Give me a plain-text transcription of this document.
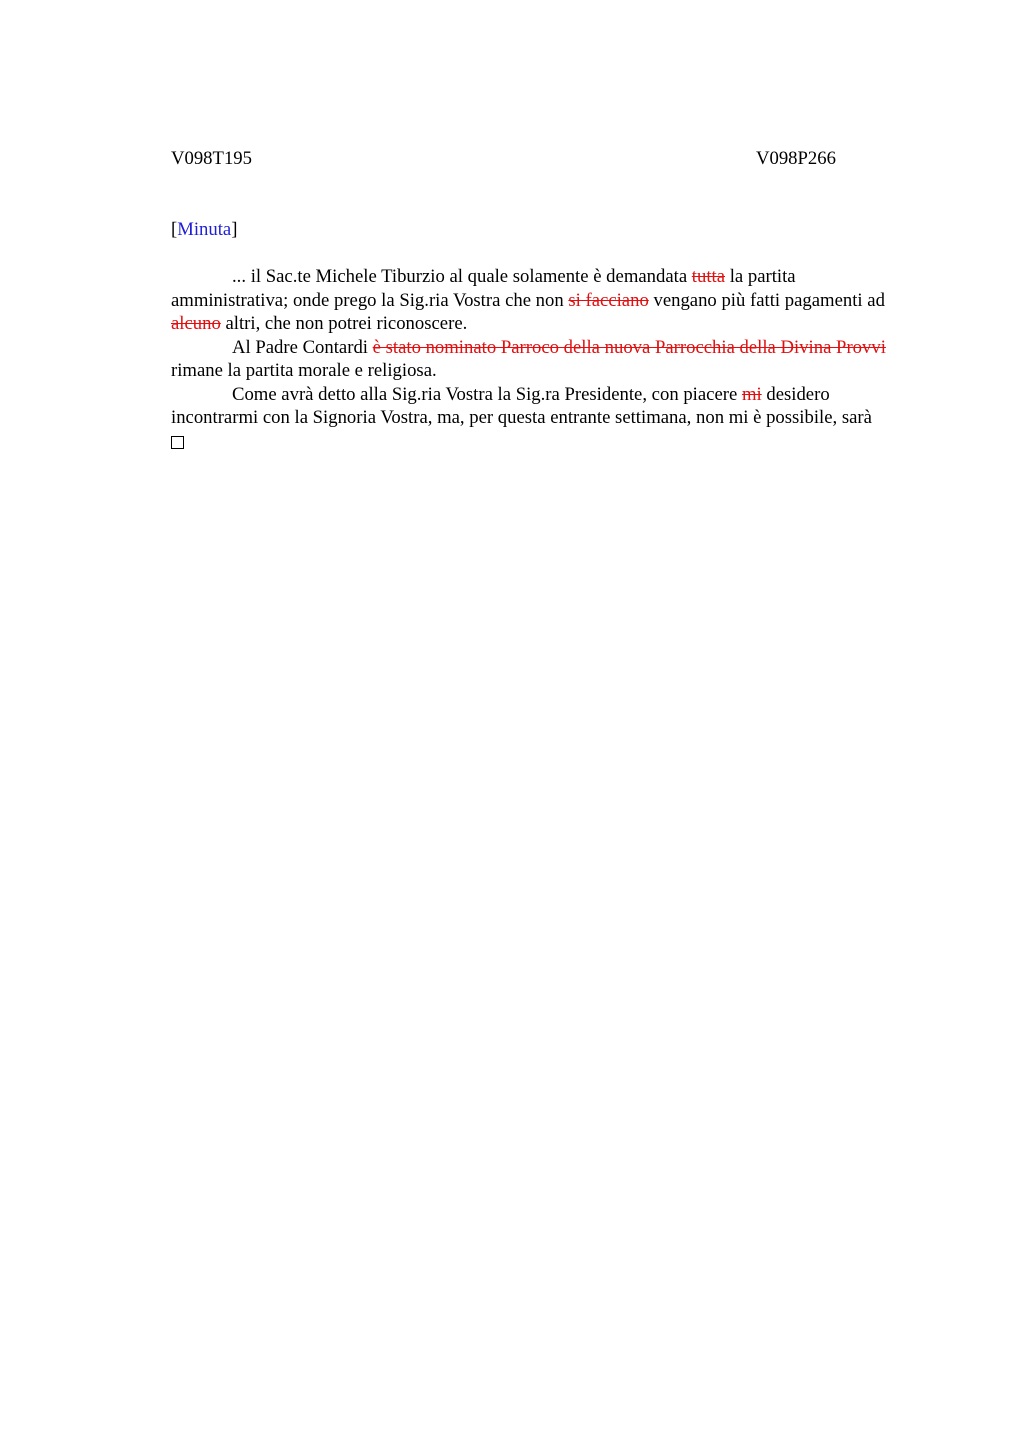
V098T195	V098P266
[Minuta]

... il Sac.te Michele Tiburzio al quale solamente è demandata tutta la partita amministrativa; onde prego la Sig.ria Vostra che non si facciano vengano più fatti pagamenti ad alcuno altri, che non potrei riconoscere.

Al Padre Contardi è stato nominato Parroco della nuova Parrocchia della Divina Provvi rimane la partita morale e religiosa.

Come avrà detto alla Sig.ria Vostra la Sig.ra Presidente, con piacere mi desidero incontrarmi con la Signoria Vostra, ma, per questa entrante settimana, non mi è possibile, sarà
